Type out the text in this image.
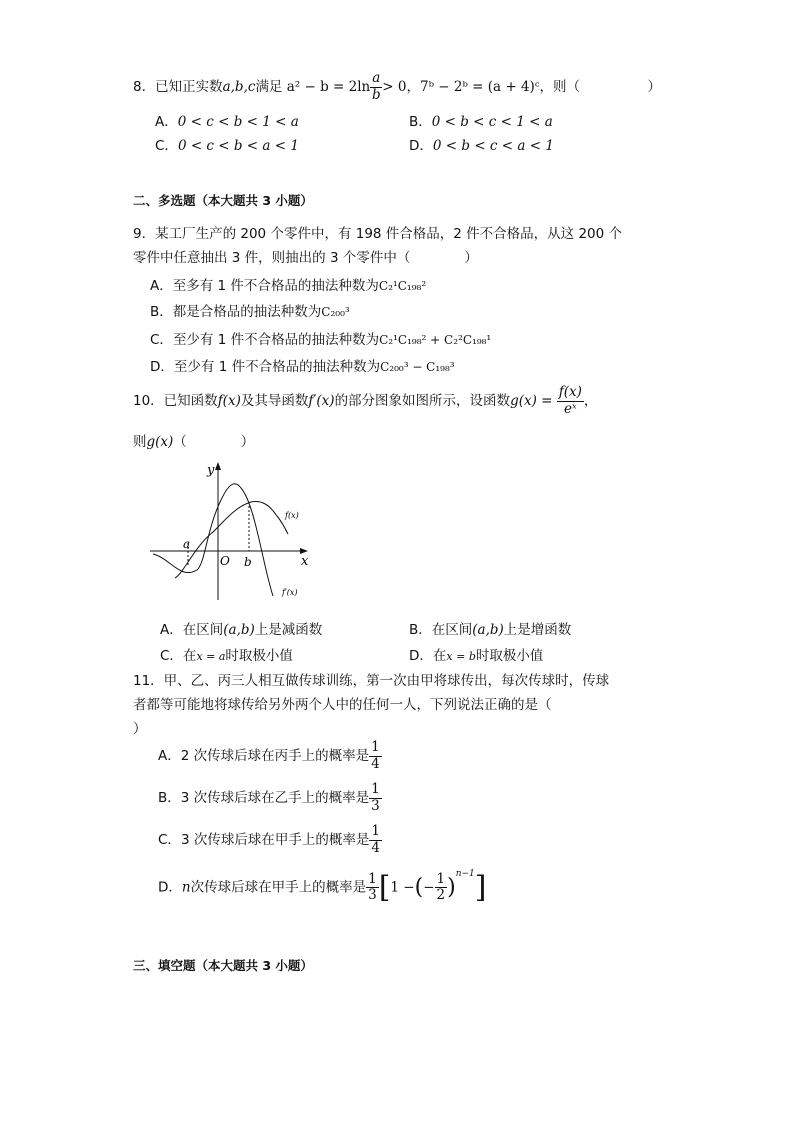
8．已知正实数a,b,c满足 $a^2 - b = 2\ln \frac{a}{b} > 0$，7ᵇ − 2ᵇ = (a + 4)ᶜ，则（　　　　　）
A．0 < c < b < 1 < a	B．0 < b < c < 1 < a
C．0 < c < b < a < 1	D．0 < b < c < a < 1
二、多选题（本大题共 3 小题）
9．某工厂生产的 200 个零件中，有 198 件合格品，2 件不合格品，从这 200 个
零件中任意抽出 3 件，则抽出的 3 个零件中（　　　　）
A．至多有 1 件不合格品的抽法种数为C₂¹C₁₉₈²
B．都是合格品的抽法种数为C₂₀₀³
C．至少有 1 件不合格品的抽法种数为C₂¹C₁₉₈² + C₂²C₁₉₈¹
D．至少有 1 件不合格品的抽法种数为C₂₀₀³ − C₁₉₈³
10．已知函数f(x)及其导函数f′(x)的部分图象如图所示，设函数$g(x) = \frac{f(x)}{\text{eˣ}}$ ，
则g(x)（　　　　）
y
x
O
a
b
f(x)
f′(x)
A．在区间(a,b)上是减函数	B．在区间(a,b)上是增函数
C．在x = a时取极小值	D．在x = b时取极小值
11．甲、乙、丙三人相互做传球训练，第一次由甲将球传出，每次传球时，传球
者都等可能地将球传给另外两个人中的任何一人，下列说法正确的是（
）
A．2 次传球后球在丙手上的概率是 $\frac{1}{4}$
B．3 次传球后球在乙手上的概率是 $\frac{1}{3}$
C．3 次传球后球在甲手上的概率是 $\frac{1}{4}$
D．n次传球后球在甲手上的概率是 $\frac{1}{3} [1$ −(− $\frac{1}{2} )^{n-1}$]
三、填空题（本大题共 3 小题）
